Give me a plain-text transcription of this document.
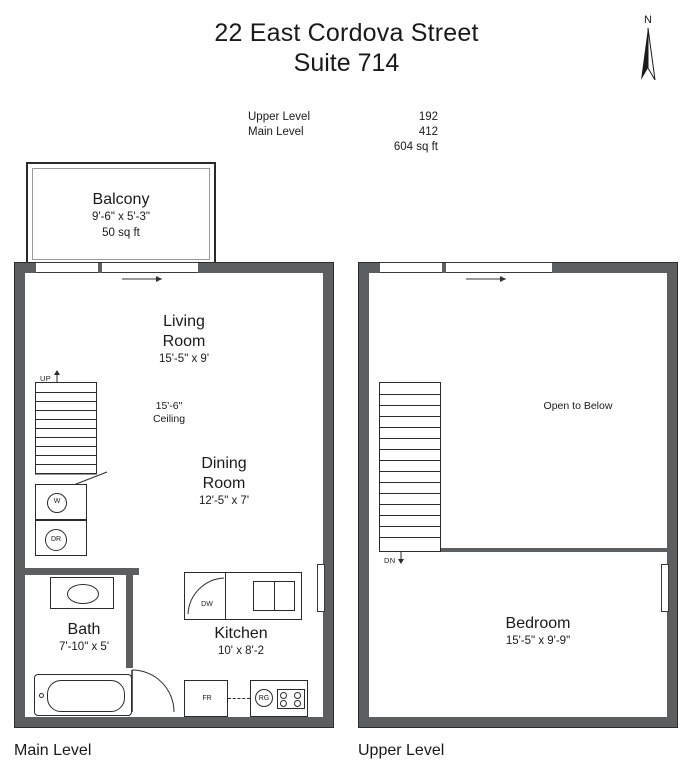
22 East Cordova Street
Suite 714
N
Upper Level	192
Main Level	412
604 sq ft
Balcony
9'-6" x 5'-3"
50 sq ft
Living
Room
15'-5" x 9'
15'-6"
Ceiling
Dining
Room
12'-5" x 7'
UP
W
DR
Bath
7'-10" x 5'
DW
Kitchen
10' x 8'-2
FR	RG
DN
Open to Below
Bedroom
15'-5" x 9'-9"
Main Level	Upper Level
